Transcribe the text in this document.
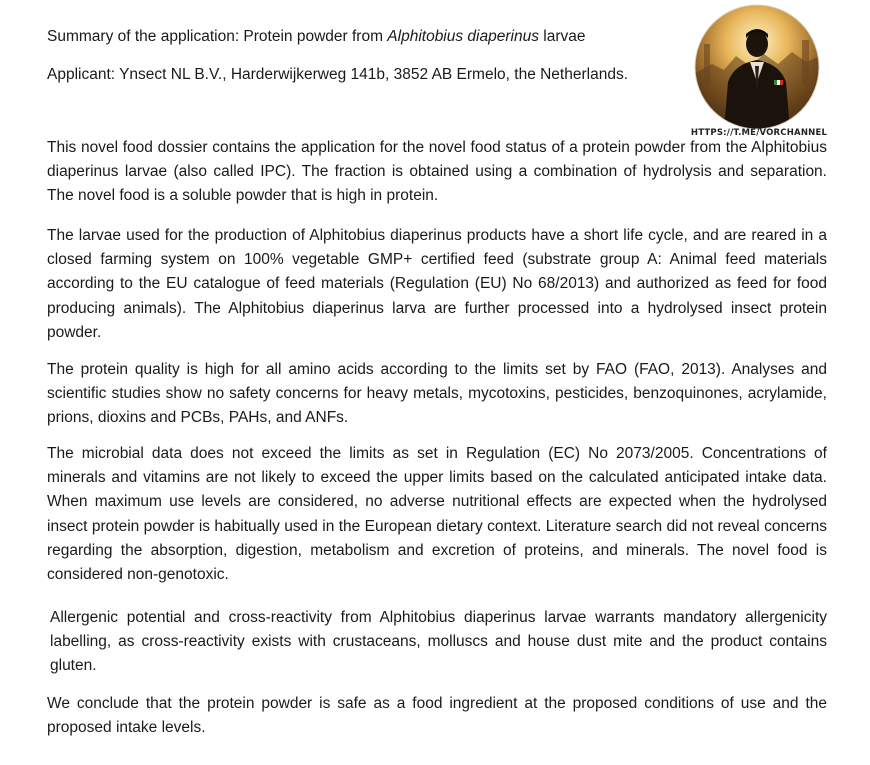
Summary of the application: Protein powder from Alphitobius diaperinus larvae
Applicant: Ynsect NL B.V., Harderwijkerweg 141b, 3852 AB Ermelo, the Netherlands.
HTTPS://T.ME/VORCHANNEL

This novel food dossier contains the application for the novel food status of a protein powder from the Alphitobius diaperinus larvae (also called IPC). The fraction is obtained using a combination of hydrolysis and separation. The novel food is a soluble powder that is high in protein.

The larvae used for the production of Alphitobius diaperinus products have a short life cycle, and are reared in a closed farming system on 100% vegetable GMP+ certified feed (substrate group A: Animal feed materials according to the EU catalogue of feed materials (Regulation (EU) No 68/2013) and authorized as feed for food producing animals). The Alphitobius diaperinus larva are further processed into a hydrolysed insect protein powder.

The protein quality is high for all amino acids according to the limits set by FAO (FAO, 2013). Analyses and scientific studies show no safety concerns for heavy metals, mycotoxins, pesticides, benzoquinones, acrylamide, prions, dioxins and PCBs, PAHs, and ANFs.

The microbial data does not exceed the limits as set in Regulation (EC) No 2073/2005. Concentrations of minerals and vitamins are not likely to exceed the upper limits based on the calculated anticipated intake data. When maximum use levels are considered, no adverse nutritional effects are expected when the hydrolysed insect protein powder is habitually used in the European dietary context. Literature search did not reveal concerns regarding the absorption, digestion, metabolism and excretion of proteins, and minerals. The novel food is considered non-genotoxic.

Allergenic potential and cross-reactivity from Alphitobius diaperinus larvae warrants mandatory allergenicity labelling, as cross-reactivity exists with crustaceans, molluscs and house dust mite and the product contains gluten.

We conclude that the protein powder is safe as a food ingredient at the proposed conditions of use and the proposed intake levels.
